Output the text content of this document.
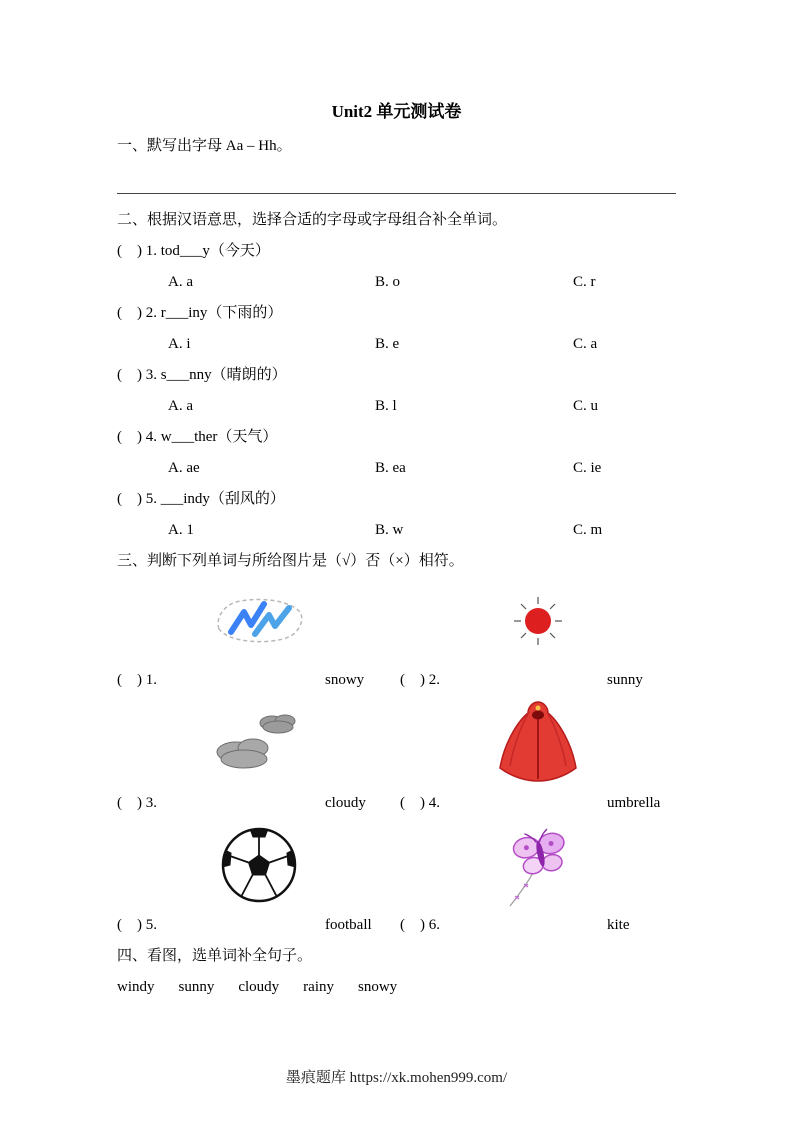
Unit2 单元测试卷
一、默写出字母 Aa – Hh。
二、根据汉语意思，选择合适的字母或字母组合补全单词。
(　) 1. tod___y（今天）
A. a	B. o	C. r
(　) 2. r___iny（下雨的）
A. i	B. e	C. a
(　) 3. s___nny（晴朗的）
A. a	B. l	C. u
(　) 4. w___ther（天气）
A. ae	B. ea	C. ie
(　) 5. ___indy（刮风的）
A. 1	B. w	C. m
三、判断下列单词与所给图片是（√）否（×）相符。
(　) 1.	snowy	(　) 2.	sunny
(　) 3.	cloudy	(　) 4.	umbrella
(　) 5.	football	(　) 6.	kite
四、看图，选单词补全句子。
windy sunny cloudy rainy snowy
墨痕题库 https://xk.mohen999.com/
